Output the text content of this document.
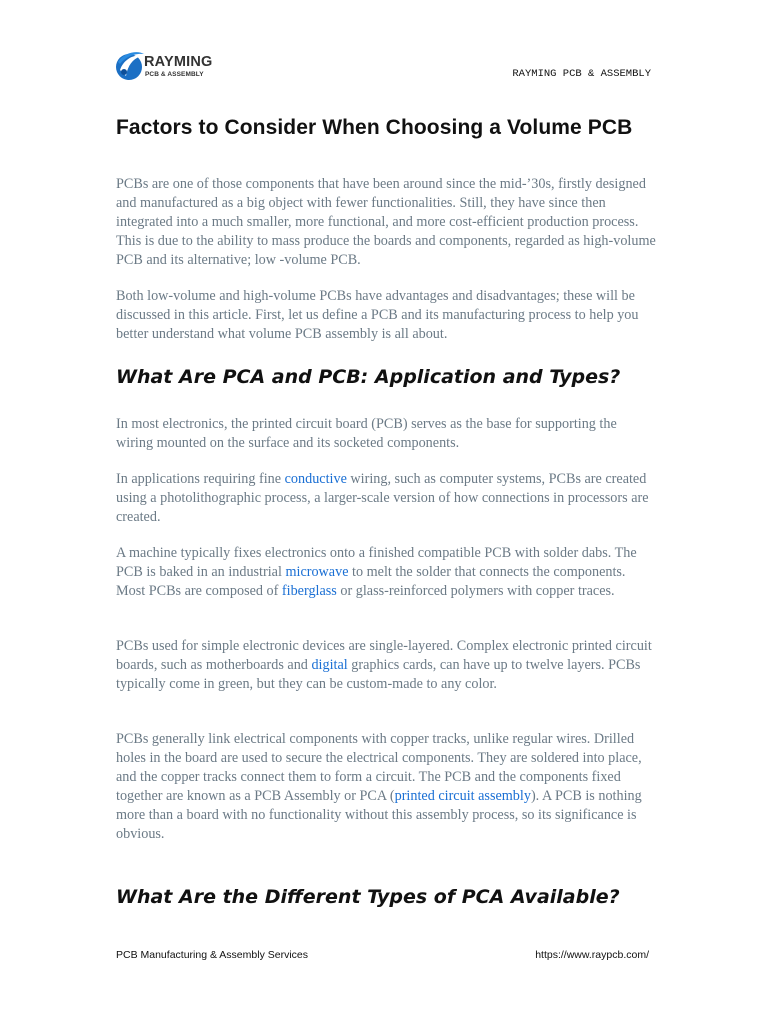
RAYMING
PCB & ASSEMBLY	RAYMING PCB & ASSEMBLY
Factors to Consider When Choosing a Volume PCB

PCBs are one of those components that have been around since the mid-’30s, firstly designed and manufactured as a big object with fewer functionalities. Still, they have since then integrated into a much smaller, more functional, and more cost-efficient production process. This is due to the ability to mass produce the boards and components, regarded as high-volume PCB and its alternative; low -volume PCB.

Both low-volume and high-volume PCBs have advantages and disadvantages; these will be discussed in this article. First, let us define a PCB and its manufacturing process to help you better understand what volume PCB assembly is all about.

What Are PCA and PCB: Application and Types?

In most electronics, the printed circuit board (PCB) serves as the base for supporting the wiring mounted on the surface and its socketed components.

In applications requiring fine conductive wiring, such as computer systems, PCBs are created using a photolithographic process, a larger-scale version of how connections in processors are created.

A machine typically fixes electronics onto a finished compatible PCB with solder dabs. The PCB is baked in an industrial microwave to melt the solder that connects the components. Most PCBs are composed of fiberglass or glass-reinforced polymers with copper traces.

PCBs used for simple electronic devices are single-layered. Complex electronic printed circuit boards, such as motherboards and digital graphics cards, can have up to twelve layers. PCBs typically come in green, but they can be custom-made to any color.

PCBs generally link electrical components with copper tracks, unlike regular wires. Drilled holes in the board are used to secure the electrical components. They are soldered into place, and the copper tracks connect them to form a circuit. The PCB and the components fixed together are known as a PCB Assembly or PCA (printed circuit assembly). A PCB is nothing more than a board with no functionality without this assembly process, so its significance is obvious.

What Are the Different Types of PCA Available?
PCB Manufacturing & Assembly Services	https://www.raypcb.com/
